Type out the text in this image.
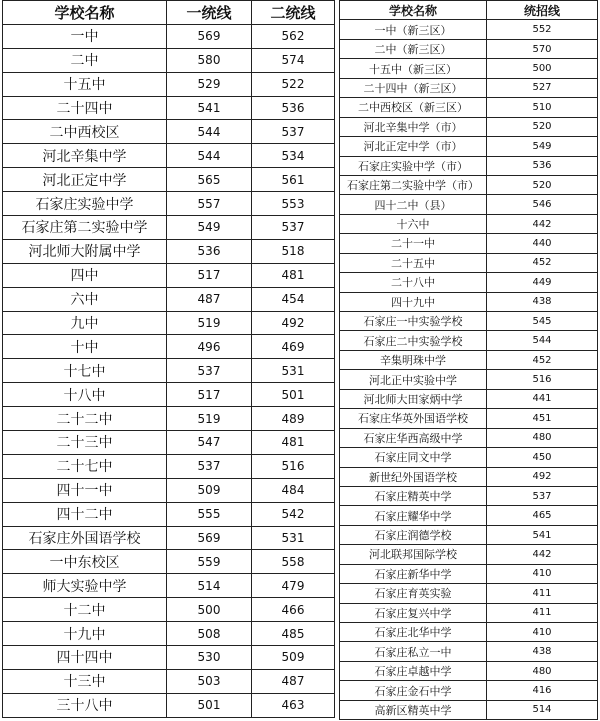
学校名称	一统线	二统线
一中	569	562
二中	580	574
十五中	529	522
二十四中	541	536
二中西校区	544	537
河北辛集中学	544	534
河北正定中学	565	561
石家庄实验中学	557	553
石家庄第二实验中学	549	537
河北师大附属中学	536	518
四中	517	481
六中	487	454
九中	519	492
十中	496	469
十七中	537	531
十八中	517	501
二十二中	519	489
二十三中	547	481
二十七中	537	516
四十一中	509	484
四十二中	555	542
石家庄外国语学校	569	531
一中东校区	559	558
师大实验中学	514	479
十二中	500	466
十九中	508	485
四十四中	530	509
十三中	503	487
三十八中	501	463
学校名称	统招线
一中（新三区）	552
二中（新三区）	570
十五中（新三区）	500
二十四中（新三区）	527
二中西校区（新三区）	510
河北辛集中学（市）	520
河北正定中学（市）	549
石家庄实验中学（市）	536
石家庄第二实验中学（市）	520
四十二中（县）	546
十六中	442
二十一中	440
二十五中	452
二十八中	449
四十九中	438
石家庄一中实验学校	545
石家庄二中实验学校	544
辛集明珠中学	452
河北正中实验中学	516
河北师大田家炳中学	441
石家庄华英外国语学校	451
石家庄华西高级中学	480
石家庄同文中学	450
新世纪外国语学校	492
石家庄精英中学	537
石家庄耀华中学	465
石家庄润德学校	541
河北联邦国际学校	442
石家庄新华中学	410
石家庄育英实验	411
石家庄复兴中学	411
石家庄北华中学	410
石家庄私立一中	438
石家庄卓越中学	480
石家庄金石中学	416
高新区精英中学	514
